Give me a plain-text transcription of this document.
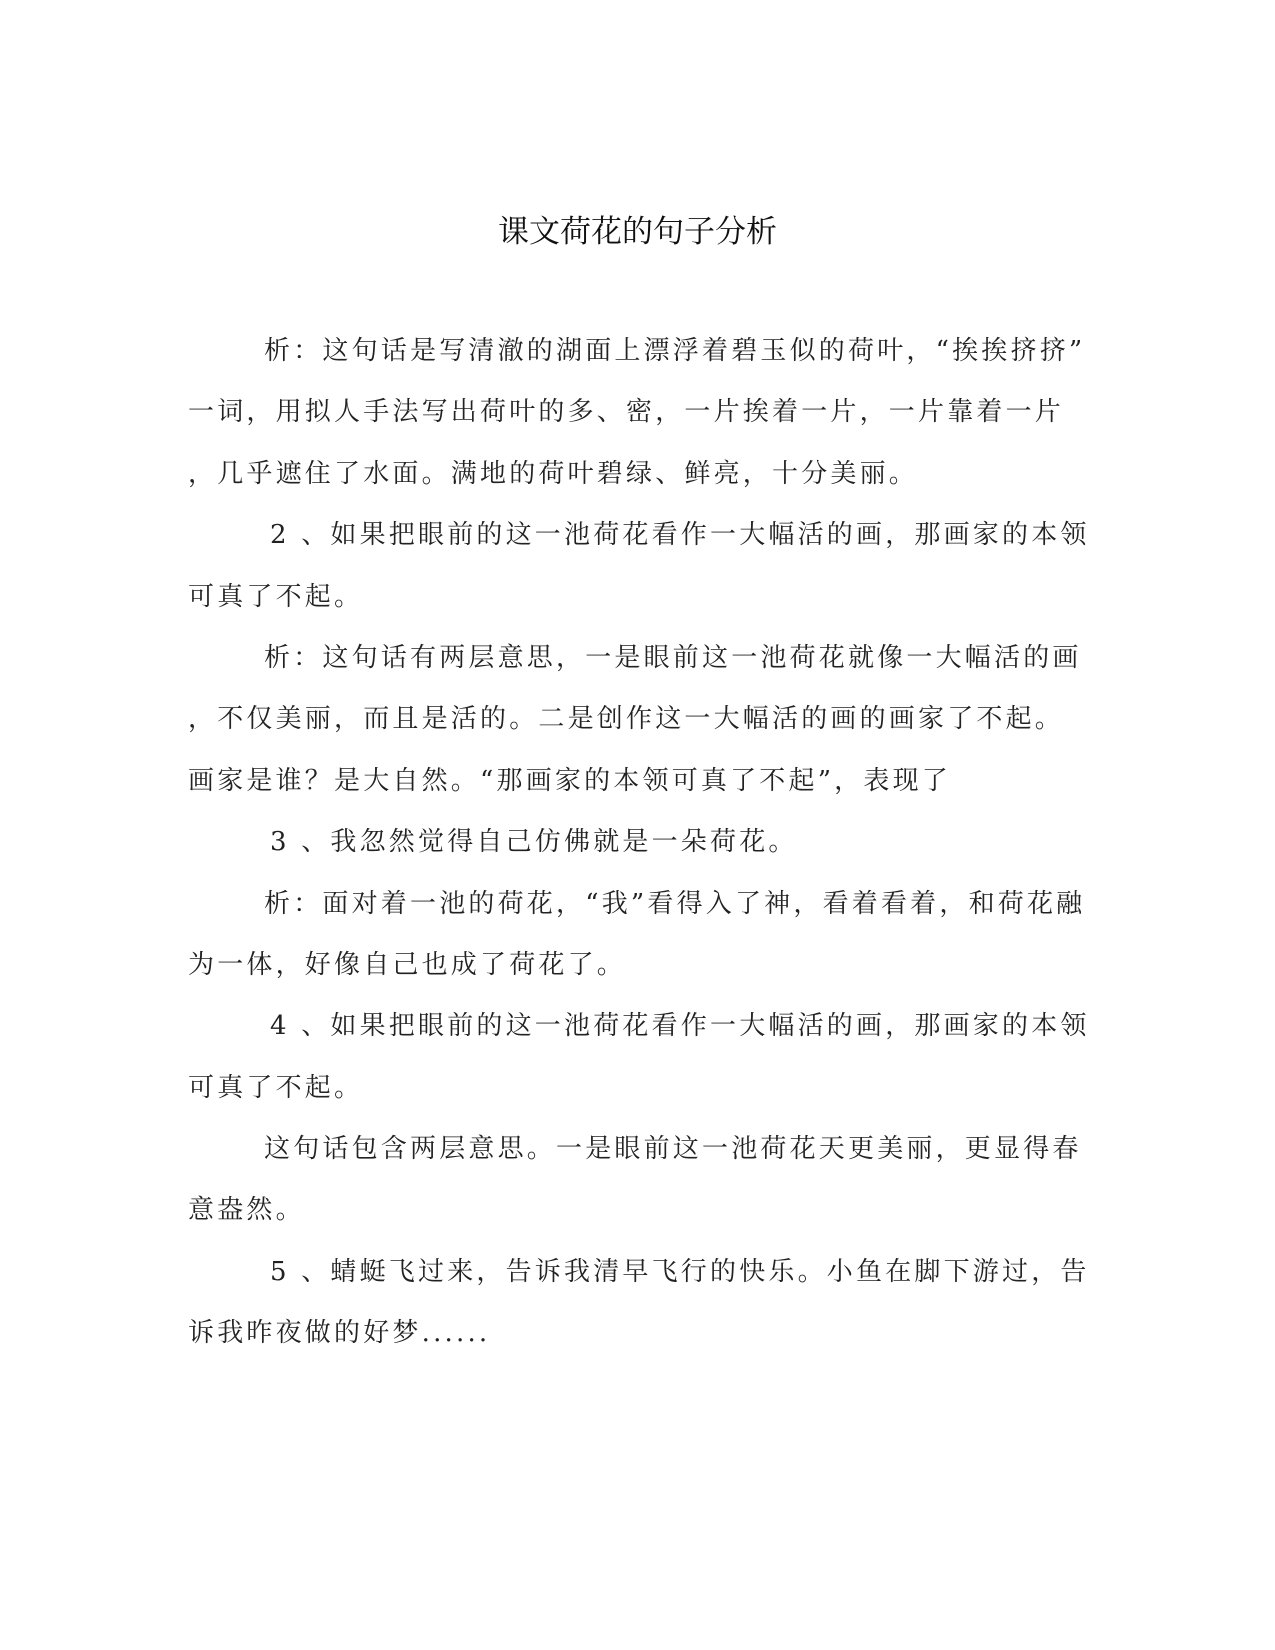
课文荷花的句子分析
析：这句话是写清澈的湖面上漂浮着碧玉似的荷叶，“挨挨挤挤”
一词，用拟人手法写出荷叶的多、密，一片挨着一片，一片靠着一片
，几乎遮住了水面。满地的荷叶碧绿、鲜亮，十分美丽。
2 、如果把眼前的这一池荷花看作一大幅活的画，那画家的本领
可真了不起。
析：这句话有两层意思，一是眼前这一池荷花就像一大幅活的画
，不仅美丽，而且是活的。二是创作这一大幅活的画的画家了不起。
画家是谁？是大自然。“那画家的本领可真了不起”，表现了
3 、我忽然觉得自己仿佛就是一朵荷花。
析：面对着一池的荷花，“我”看得入了神，看着看着，和荷花融
为一体，好像自己也成了荷花了。
4 、如果把眼前的这一池荷花看作一大幅活的画，那画家的本领
可真了不起。
这句话包含两层意思。一是眼前这一池荷花天更美丽，更显得春
意盎然。
5 、蜻蜓飞过来，告诉我清早飞行的快乐。小鱼在脚下游过，告
诉我昨夜做的好梦......
